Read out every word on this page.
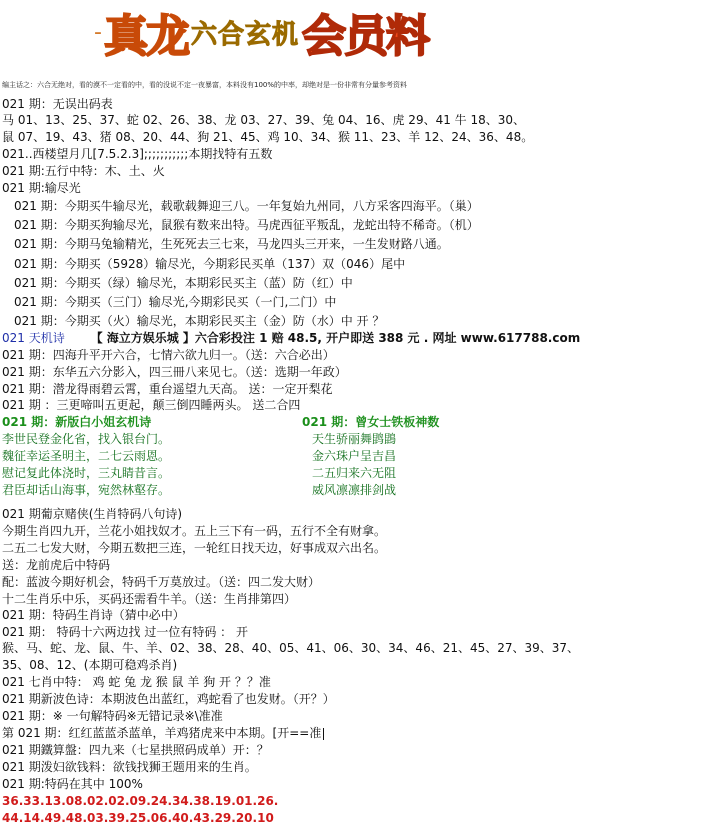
- 真龙 六合玄机 会员料
编主话之：六合无绝对，看的漠不一定看的中，看的没说不定一夜暴富，本料没有100%的中率，却绝对是一份非常有分量参考资料
021 期：无误出码表
马 01、13、25、37、蛇 02、26、38、龙 03、27、39、兔 04、16、虎 29、41 牛 18、30、
鼠 07、19、43、猪 08、20、44、狗 21、45、鸡 10、34、猴 11、23、羊 12、24、36、48。
021..西楼望月几[7.5.2.3];;;;;;;;;;;本期找特有五数
021 期:五行中特：木、土、火
021 期:输尽光
021 期：今期买牛输尽光，载歌载舞迎三八。一年复始九州同，八方采客四海平。（巢）
021 期：今期买狗输尽光，鼠猴有数来出特。马虎西征平叛乱，龙蛇出特不稀奇。（机）
021 期：今期马兔输精光，生死死去三七来，马龙四头三开来，一生发财路八通。
021 期：今期买（5928）输尽光，今期彩民买单（137）双（046）尾中
021 期：今期买（绿）输尽光，本期彩民买主（蓝）防（红）中
021 期：今期买（三门）输尽光,今期彩民买（一门,二门）中
021 期：今期买（火）输尽光，本期彩民买主（金）防（水）中 开 ？
021 天机诗 【 海立方娱乐城 】六合彩投注 1 赔 48.5, 开户即送 388 元 . 网址 www.617788.com
021 期：四海升平开六合，七情六欲九归一。（送：六合必出）
021 期：东华五六分影入，四三冊八来见七。（送：选期一年政）
021 期：潜龙得雨碧云霄，重台遥望九天高。 送：一定开梨花
021 期 ：三更啼叫五更起，颠三倒四睡两头。 送二合四
021 期：新版白小姐玄机诗	021 期：曾女士铁板神数
李世民登金化省，找入银台门。
魏征幸运圣明主，二七云雨恩。
慰记复此体浇时，三丸睛昔言。
君臣却话山海事，宛然林壑存。
天生骄丽舞鹍鵾
金六珠户呈吉昌
二五归来六无阻
威风凛凛排剑战
021 期葡京赌侠(生肖特码八句诗)
今期生肖四九开，兰花小姐找奴才。五上三下有一码，五行不全有财拿。
二五二七发大财，今期五数把三连，一轮红日找天边，好事成双六出名。
送：龙前虎后中特码
配：蓝波今期好机会，特码千万莫放过。（送：四二发大财）
十二生肖乐中乐，买码还需看牛羊。（送：生肖排第四）
021 期：特码生肖诗（猜中必中）
021 期： 特码十六两边找 过一位有特码 ： 开
猴、马、蛇、龙、鼠、牛、羊、02、38、28、40、05、41、06、30、34、46、21、45、27、39、37、
35、08、12、(本期可稳鸡杀肖)
021 七肖中特： 鸡 蛇 兔 龙 猴 鼠 羊 狗 开 ？？准
021 期新波色诗：本期波色出蓝红，鸡蛇看了也发财。（开？）
021 期：※ 一句解特码※无错记录※\准准
第 021 期：红红蓝蓝杀蓝单，羊鸡猪虎来中本期。[开==准
021 期鐵算盤：四九来（七星拱照码成单）开：？
021 期泼妇欲钱料：欲钱找狮王题用来的生肖。
021 期:特码在其中 100%
36.33.13.08.02.02.09.24.34.38.19.01.26.
44.14.49.48.03.39.25.06.40.43.29.20.10
